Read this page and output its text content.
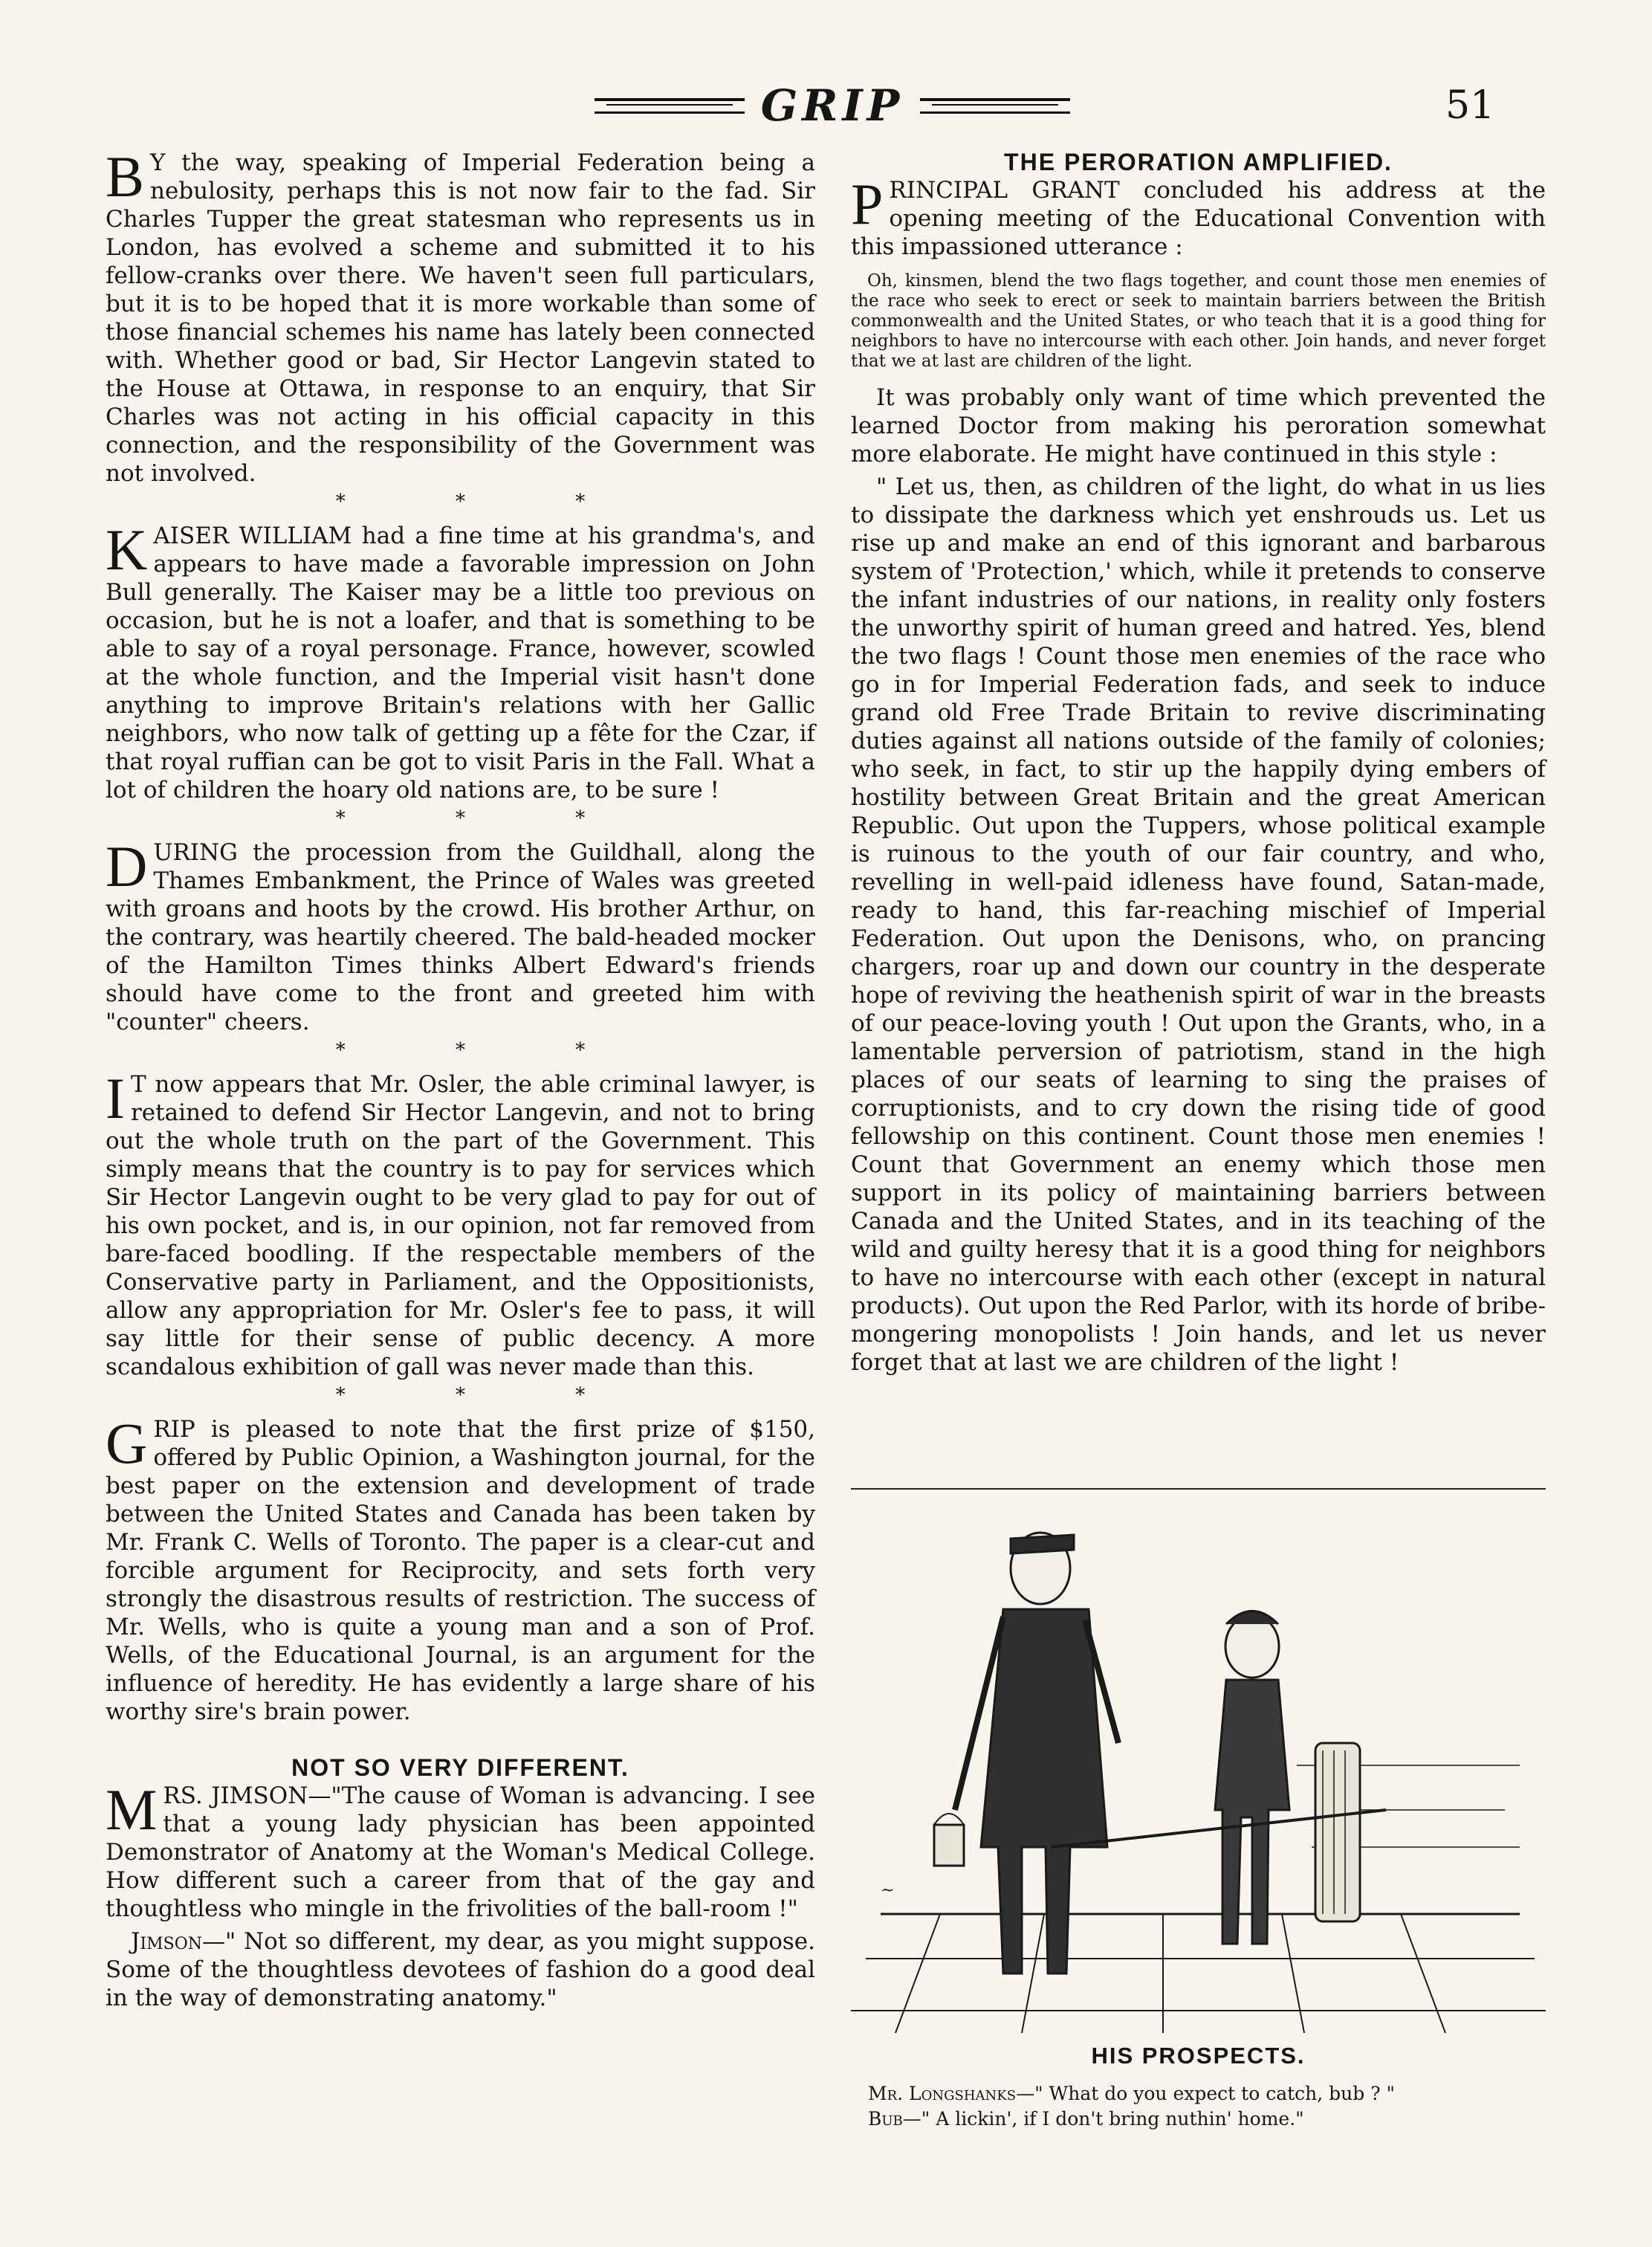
GRIP	51

B Y the way, speaking of Imperial Federation being a nebulosity, perhaps this is not now fair to the fad. Sir Charles Tupper the great statesman who represents us in London, has evolved a scheme and submitted it to his fellow-cranks over there. We haven't seen full particulars, but it is to be hoped that it is more workable than some of those financial schemes his name has lately been connected with. Whether good or bad, Sir Hector Langevin stated to the House at Ottawa, in response to an enquiry, that Sir Charles was not acting in his official capacity in this connection, and the responsibility of the Government was not involved.

* * *

KAISER WILLIAM had a fine time at his grandma's, and appears to have made a favorable impression on John Bull generally. The Kaiser may be a little too previous on occasion, but he is not a loafer, and that is something to be able to say of a royal personage. France, however, scowled at the whole function, and the Imperial visit hasn't done anything to improve Britain's relations with her Gallic neighbors, who now talk of getting up a fête for the Czar, if that royal ruffian can be got to visit Paris in the Fall. What a lot of children the hoary old nations are, to be sure !

* * *

DURING the procession from the Guildhall, along the Thames Embankment, the Prince of Wales was greeted with groans and hoots by the crowd. His brother Arthur, on the contrary, was heartily cheered. The bald-headed mocker of the Hamilton Times thinks Albert Edward's friends should have come to the front and greeted him with "counter" cheers.

* * *

I T now appears that Mr. Osler, the able criminal lawyer, is retained to defend Sir Hector Langevin, and not to bring out the whole truth on the part of the Government. This simply means that the country is to pay for services which Sir Hector Langevin ought to be very glad to pay for out of his own pocket, and is, in our opinion, not far removed from bare-faced boodling. If the respectable members of the Conservative party in Parliament, and the Oppositionists, allow any appropriation for Mr. Osler's fee to pass, it will say little for their sense of public decency. A more scandalous exhibition of gall was never made than this.

* * *

GRIP is pleased to note that the first prize of $150, offered by Public Opinion, a Washington journal, for the best paper on the extension and development of trade between the United States and Canada has been taken by Mr. Frank C. Wells of Toronto. The paper is a clear-cut and forcible argument for Reciprocity, and sets forth very strongly the disastrous results of restriction. The success of Mr. Wells, who is quite a young man and a son of Prof. Wells, of the Educational Journal, is an argument for the influence of heredity. He has evidently a large share of his worthy sire's brain power.

NOT SO VERY DIFFERENT.

MRS. JIMSON—"The cause of Woman is advancing. I see that a young lady physician has been appointed Demonstrator of Anatomy at the Woman's Medical College. How different such a career from that of the gay and thoughtless who mingle in the frivolities of the ball-room !"

Jimson—" Not so different, my dear, as you might suppose. Some of the thoughtless devotees of fashion do a good deal in the way of demonstrating anatomy."

THE PERORATION AMPLIFIED.

PRINCIPAL GRANT concluded his address at the opening meeting of the Educational Convention with this impassioned utterance :

Oh, kinsmen, blend the two flags together, and count those men enemies of the race who seek to erect or seek to maintain barriers between the British commonwealth and the United States, or who teach that it is a good thing for neighbors to have no intercourse with each other. Join hands, and never forget that we at last are children of the light.

It was probably only want of time which prevented the learned Doctor from making his peroration somewhat more elaborate. He might have continued in this style :

" Let us, then, as children of the light, do what in us lies to dissipate the darkness which yet enshrouds us. Let us rise up and make an end of this ignorant and barbarous system of 'Protection,' which, while it pretends to conserve the infant industries of our nations, in reality only fosters the unworthy spirit of human greed and hatred. Yes, blend the two flags ! Count those men enemies of the race who go in for Imperial Federation fads, and seek to induce grand old Free Trade Britain to revive discriminating duties against all nations outside of the family of colonies; who seek, in fact, to stir up the happily dying embers of hostility between Great Britain and the great American Republic. Out upon the Tuppers, whose political example is ruinous to the youth of our fair country, and who, revelling in well-paid idleness have found, Satan-made, ready to hand, this far-reaching mischief of Imperial Federation. Out upon the Denisons, who, on prancing chargers, roar up and down our country in the desperate hope of reviving the heathenish spirit of war in the breasts of our peace-loving youth ! Out upon the Grants, who, in a lamentable perversion of patriotism, stand in the high places of our seats of learning to sing the praises of corruptionists, and to cry down the rising tide of good fellowship on this continent. Count those men enemies ! Count that Government an enemy which those men support in its policy of maintaining barriers between Canada and the United States, and in its teaching of the wild and guilty heresy that it is a good thing for neighbors to have no intercourse with each other (except in natural products). Out upon the Red Parlor, with its horde of bribe-mongering monopolists ! Join hands, and let us never forget that at last we are children of the light !

~
HIS PROSPECTS.
Mr. Longshanks—" What do you expect to catch, bub ? "
Bub—" A lickin', if I don't bring nuthin' home."
